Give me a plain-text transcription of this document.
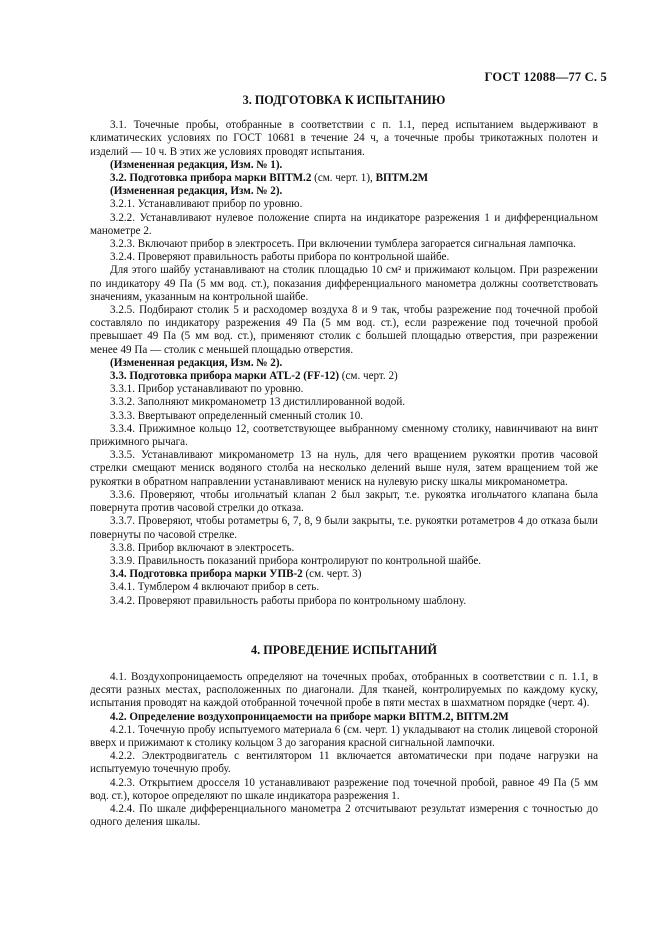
ГОСТ 12088—77 С. 5
3. ПОДГОТОВКА К ИСПЫТАНИЮ

3.1. Точечные пробы, отобранные в соответствии с п. 1.1, перед испытанием выдерживают в климатических условиях по ГОСТ 10681 в течение 24 ч, а точечные пробы трикотажных полотен и изделий — 10 ч. В этих же условиях проводят испытания.

(Измененная редакция, Изм. № 1).

3.2. Подготовка прибора марки ВПТМ.2 (см. черт. 1), ВПТМ.2М

(Измененная редакция, Изм. № 2).

3.2.1. Устанавливают прибор по уровню.

3.2.2. Устанавливают нулевое положение спирта на индикаторе разрежения 1 и дифференциальном манометре 2.

3.2.3. Включают прибор в электросеть. При включении тумблера загорается сигнальная лампочка.

3.2.4. Проверяют правильность работы прибора по контрольной шайбе.

Для этого шайбу устанавливают на столик площадью 10 см² и прижимают кольцом. При разрежении по индикатору 49 Па (5 мм вод. ст.), показания дифференциального манометра должны соответствовать значениям, указанным на контрольной шайбе.

3.2.5. Подбирают столик 5 и расходомер воздуха 8 и 9 так, чтобы разрежение под точечной пробой составляло по индикатору разрежения 49 Па (5 мм вод. ст.), если разрежение под точечной пробой превышает 49 Па (5 мм вод. ст.), применяют столик с большей площадью отверстия, при разрежении менее 49 Па — столик с меньшей площадью отверстия.

(Измененная редакция, Изм. № 2).

3.3. Подготовка прибора марки ATL-2 (FF-12) (см. черт. 2)

3.3.1. Прибор устанавливают по уровню.

3.3.2. Заполняют микроманометр 13 дистиллированной водой.

3.3.3. Ввертывают определенный сменный столик 10.

3.3.4. Прижимное кольцо 12, соответствующее выбранному сменному столику, навинчивают на винт прижимного рычага.

3.3.5. Устанавливают микроманометр 13 на нуль, для чего вращением рукоятки против часовой стрелки смещают мениск водяного столба на несколько делений выше нуля, затем вращением той же рукоятки в обратном направлении устанавливают мениск на нулевую риску шкалы микроманометра.

3.3.6. Проверяют, чтобы игольчатый клапан 2 был закрыт, т.е. рукоятка игольчатого клапана была повернута против часовой стрелки до отказа.

3.3.7. Проверяют, чтобы ротаметры 6, 7, 8, 9 были закрыты, т.е. рукоятки ротаметров 4 до отказа были повернуты по часовой стрелке.

3.3.8. Прибор включают в электросеть.

3.3.9. Правильность показаний прибора контролируют по контрольной шайбе.

3.4. Подготовка прибора марки УПВ-2 (см. черт. 3)

3.4.1. Тумблером 4 включают прибор в сеть.

3.4.2. Проверяют правильность работы прибора по контрольному шаблону.

4. ПРОВЕДЕНИЕ ИСПЫТАНИЙ

4.1. Воздухопроницаемость определяют на точечных пробах, отобранных в соответствии с п. 1.1, в десяти разных местах, расположенных по диагонали. Для тканей, контролируемых по каждому куску, испытания проводят на каждой отобранной точечной пробе в пяти местах в шахматном порядке (черт. 4).

4.2. Определение воздухопроницаемости на приборе марки ВПТМ.2, ВПТМ.2М

4.2.1. Точечную пробу испытуемого материала 6 (см. черт. 1) укладывают на столик лицевой стороной вверх и прижимают к столику кольцом 3 до загорания красной сигнальной лампочки.

4.2.2. Электродвигатель с вентилятором 11 включается автоматически при подаче нагрузки на испытуемую точечную пробу.

4.2.3. Открытием дросселя 10 устанавливают разрежение под точечной пробой, равное 49 Па (5 мм вод. ст.), которое определяют по шкале индикатора разрежения 1.

4.2.4. По шкале дифференциального манометра 2 отсчитывают результат измерения с точностью до одного деления шкалы.
